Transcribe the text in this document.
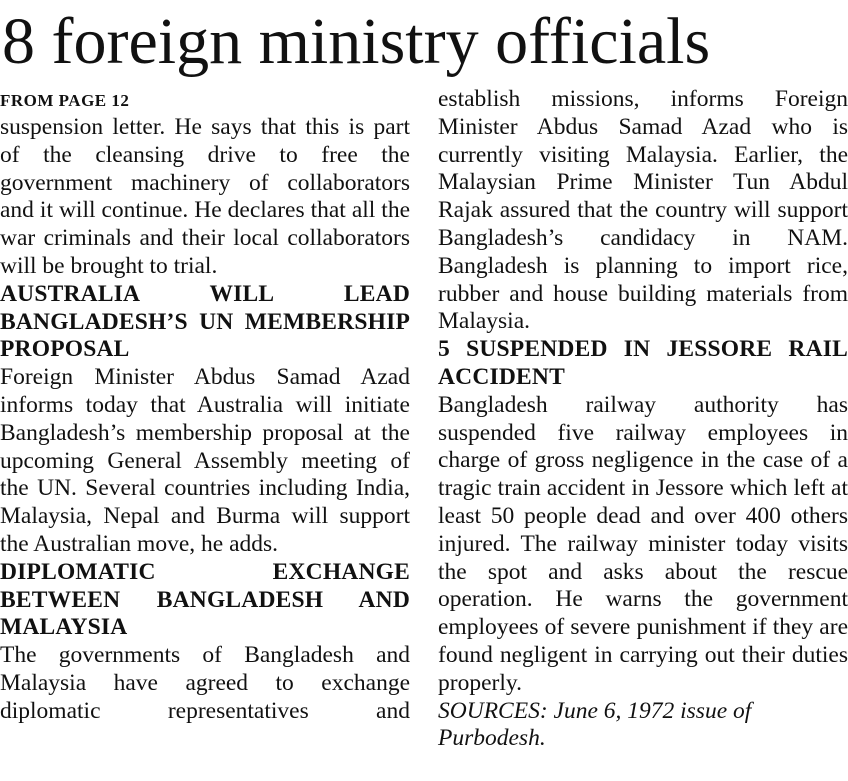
8 foreign ministry officials
FROM PAGE 12

suspension letter. He says that this is part of the cleansing drive to free the government machinery of collaborators and it will continue. He declares that all the war criminals and their local collaborators will be brought to trial.

AUSTRALIA WILL LEAD BANGLADESH’S UN MEMBERSHIP PROPOSAL

Foreign Minister Abdus Samad Azad informs today that Australia will initiate Bangladesh’s membership proposal at the upcoming General Assembly meeting of the UN. Several countries including India, Malaysia, Nepal and Burma will support the Australian move, he adds.

DIPLOMATIC EXCHANGE BETWEEN BANGLADESH AND MALAYSIA

The governments of Bangladesh and Malaysia have agreed to exchange diplomatic representatives and

establish missions, informs Foreign Minister Abdus Samad Azad who is currently visiting Malaysia. Earlier, the Malaysian Prime Minister Tun Abdul Rajak assured that the country will support Bangladesh’s candidacy in NAM. Bangladesh is planning to import rice, rubber and house building materials from Malaysia.

5 SUSPENDED IN JESSORE RAIL ACCIDENT

Bangladesh railway authority has suspended five railway employees in charge of gross negligence in the case of a tragic train accident in Jessore which left at least 50 people dead and over 400 others injured. The railway minister today visits the spot and asks about the rescue operation. He warns the government employees of severe punishment if they are found negligent in carrying out their duties properly.

SOURCES: June 6, 1972 issue of Purbodesh.
